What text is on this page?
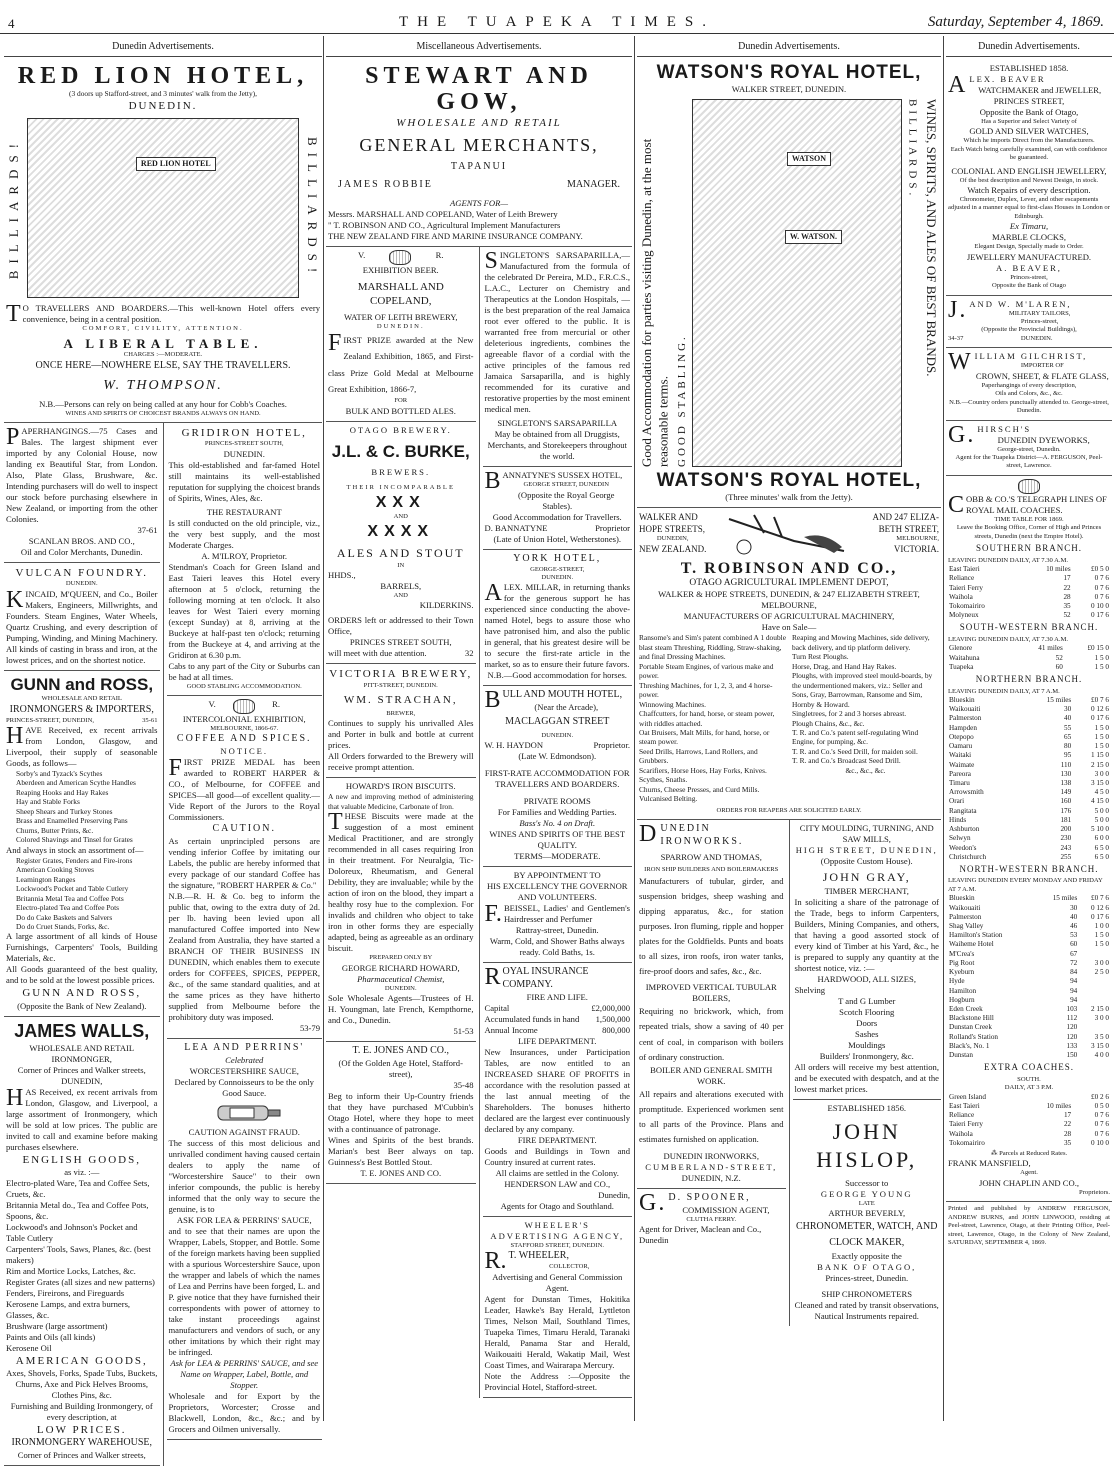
4	THE TUAPEKA TIMES.	Saturday, September 4, 1869.
Dunedin Advertisements.
RED LION HOTEL,
(3 doors up Stafford-street, and 3 minutes' walk from the Jetty),
DUNEDIN.
BILLIARDS!	RED LION HOTEL	BILLIARDS!
TO TRAVELLERS AND BOARDERS.—This well-known Hotel offers every convenience, being in a central position.
COMFORT, CIVILITY, ATTENTION.
A LIBERAL TABLE.
CHARGES :—MODERATE.
ONCE HERE—NOWHERE ELSE, SAY THE TRAVELLERS.
W. THOMPSON.
N.B.—Persons can rely on being called at any hour for Cobb's Coaches.
WINES AND SPIRITS OF CHOICEST BRANDS ALWAYS ON HAND.
PAPERHANGINGS.—75 Cases and Bales. The largest shipment ever imported by any Colonial House, now landing ex Beautiful Star, from London. Also, Plate Glass, Brushware, &c. Intending purchasers will do well to inspect our stock before purchasing elsewhere in New Zealand, or importing from the other Colonies.
37-61
SCANLAN BROS. AND CO.,
Oil and Color Merchants, Dunedin.
VULCAN FOUNDRY.
DUNEDIN.
KINCAID, M'QUEEN, and Co., Boiler Makers, Engineers, Millwrights, and Founders. Steam Engines, Water Wheels, Quartz Crushing, and every description of Pumping, Winding, and Mining Machinery. All kinds of casting in brass and iron, at the lowest prices, and on the shortest notice.
GUNN and ROSS,
WHOLESALE AND RETAIL
IRONMONGERS & IMPORTERS,
PRINCES-STREET, DUNEDIN,	35-61
HAVE Received, ex recent arrivals from London, Glasgow, and Liverpool, their supply of seasonable Goods, as follows—
Sorby's and Tyzack's Scythes
Aberdeen and American Scythe Handles
Reaping Hooks and Hay Rakes
Hay and Stable Forks
Sheep Shears and Turkey Stones
Brass and Enamelled Preserving Pans
Churns, Butter Prints, &c.
Colored Shavings and Tinsel for Grates
And always in stock an assortment of—
Register Grates, Fenders and Fire-irons
American Cooking Stoves
Leamington Ranges
Lockwood's Pocket and Table Cutlery
Britannia Metal Tea and Coffee Pots
Electro-plated Tea and Coffee Pots
Do do Cake Baskets and Salvers
Do do Cruet Stands, Forks, &c.
A large assortment of all kinds of House Furnishings, Carpenters' Tools, Building Materials, &c.
All Goods guaranteed of the best quality, and to be sold at the lowest possible prices.
GUNN AND ROSS,
(Opposite the Bank of New Zealand).
JAMES WALLS,
WHOLESALE AND RETAIL
IRONMONGER,
Corner of Princes and Walker streets,
DUNEDIN,
HAS Received, ex recent arrivals from London, Glasgow, and Liverpool, a large assortment of Ironmongery, which will be sold at low prices. The public are invited to call and examine before making purchases elsewhere.
ENGLISH GOODS,
as viz. :—
Electro-plated Ware, Tea and Coffee Sets, Cruets, &c.
Britannia Metal do., Tea and Coffee Pots, Spoons, &c.
Lockwood's and Johnson's Pocket and Table Cutlery
Carpenters' Tools, Saws, Planes, &c. (best makers)
Rim and Mortice Locks, Latches, &c.
Register Grates (all sizes and new patterns)
Fenders, Fireirons, and Fireguards
Kerosene Lamps, and extra burners, Glasses, &c.
Brushware (large assortment)
Paints and Oils (all kinds)
Kerosene Oil
AMERICAN GOODS,
Axes, Shovels, Forks, Spade Tubs, Buckets, Churns, Axe and Pick Helves Brooms, Clothes Pins, &c.
Furnishing and Building Ironmongery, of every description, at
LOW PRICES.
IRONMONGERY WAREHOUSE,
Corner of Princes and Walker streets,
GRIDIRON HOTEL,
PRINCES-STREET SOUTH,
DUNEDIN.
This old-established and far-famed Hotel still maintains its well-established reputation for supplying the choicest brands of Spirits, Wines, Ales, &c.
THE RESTAURANT
Is still conducted on the old principle, viz., the very best supply, and the most Moderate Charges.
A. M'ILROY, Proprietor.
Stendman's Coach for Green Island and East Taieri leaves this Hotel every afternoon at 5 o'clock, returning the following morning at ten o'clock. It also leaves for West Taieri every morning (except Sunday) at 8, arriving at the Buckeye at half-past ten o'clock; returning from the Buckeye at 4, and arriving at the Gridiron at 6.30 p.m.
Cabs to any part of the City or Suburbs can be had at all times.
GOOD STABLING ACCOMMODATION.
V.	R.
INTERCOLONIAL EXHIBITION,
MELBOURNE, 1866-67.
COFFEE AND SPICES.
NOTICE.
FIRST PRIZE MEDAL has been awarded to ROBERT HARPER & CO., of Melbourne, for COFFEE and SPICES—all good—of excellent quality.—Vide Report of the Jurors to the Royal Commissioners.
CAUTION.
As certain unprincipled persons are vending inferior Coffee by imitating our Labels, the public are hereby informed that every package of our standard Coffee has the signature, "ROBERT HARPER & Co."
N.B.—R. H. & Co. beg to inform the public that, owing to the extra duty of 2d. per lb. having been levied upon all manufactured Coffee imported into New Zealand from Australia, they have started a BRANCH OF THEIR BUSINESS IN DUNEDIN, which enables them to execute orders for COFFEES, SPICES, PEPPER, &c., of the same standard qualities, and at the same prices as they have hitherto supplied from Melbourne before the prohibitory duty was imposed.
53-79
LEA AND PERRINS'
Celebrated
WORCESTERSHIRE SAUCE,
Declared by Connoisseurs to be the only Good Sauce.
CAUTION AGAINST FRAUD.
The success of this most delicious and unrivalled condiment having caused certain dealers to apply the name of "Worcestershire Sauce" to their own inferior compounds, the public is hereby informed that the only way to secure the genuine, is to
ASK FOR LEA & PERRINS' SAUCE,
and to see that their names are upon the Wrapper, Labels, Stopper, and Bottle. Some of the foreign markets having been supplied with a spurious Worcestershire Sauce, upon the wrapper and labels of which the names of Lea and Perrins have been forged, L. and P. give notice that they have furnished their correspondents with power of attorney to take instant proceedings against manufacturers and vendors of such, or any other imitations by which their right may be infringed.
Ask for LEA & PERRINS' SAUCE, and see Name on Wrapper, Label, Bottle, and Stopper.
Wholesale and for Export by the Proprietors, Worcester; Crosse and Blackwell, London, &c., &c.; and by Grocers and Oilmen universally.
Miscellaneous Advertisements.
STEWART AND GOW,
WHOLESALE AND RETAIL
GENERAL MERCHANTS,
TAPANUI
JAMES ROBBIE	MANAGER.
AGENTS FOR—
Messrs. MARSHALL AND COPELAND, Water of Leith Brewery
" T. ROBINSON AND CO., Agricultural Implement Manufacturers
THE NEW ZEALAND FIRE AND MARINE INSURANCE COMPANY.
V.	R.
EXHIBITION BEER.
MARSHALL AND COPELAND,
WATER OF LEITH BREWERY,
DUNEDIN.
FIRST PRIZE awarded at the New Zealand Exhibition, 1865, and First-class Prize Gold Medal at Melbourne Great Exhibition, 1866-7,
FOR
BULK AND BOTTLED ALES.
OTAGO BREWERY.
J.L. & C. BURKE,
BREWERS.
THEIR INCOMPARABLE
XXX
AND
XXXX
ALES AND STOUT
IN
HHDS.,
BARRELS,
AND
KILDERKINS.
ORDERS left or addressed to their Town Office,
PRINCES STREET SOUTH,
will meet with due attention.	32
VICTORIA BREWERY,
PITT-STREET, DUNEDIN.
WM. STRACHAN,
BREWER,
Continues to supply his unrivalled Ales and Porter in bulk and bottle at current prices.
All Orders forwarded to the Brewery will receive prompt attention.
HOWARD'S IRON BISCUITS.
A new and improving method of administering that valuable Medicine, Carbonate of Iron.
THESE Biscuits were made at the suggestion of a most eminent Medical Practitioner, and are strongly recommended in all cases requiring Iron in their treatment. For Neuralgia, Tic-Doloreux, Rheumatism, and General Debility, they are invaluable; while by the action of iron on the blood, they impart a healthy rosy hue to the complexion. For invalids and children who object to take iron in other forms they are especially adapted, being as agreeable as an ordinary biscuit.
PREPARED ONLY BY
GEORGE RICHARD HOWARD,
Pharmaceutical Chemist,
DUNEDIN.
Sole Wholesale Agents—Trustees of H. H. Youngman, late French, Kempthorne, and Co., Dunedin.
51-53
T. E. JONES AND CO.,
(Of the Golden Age Hotel, Stafford-street),
35-48
Beg to inform their Up-Country friends that they have purchased M'Cubbin's Otago Hotel, where they hope to meet with a continuance of patronage.
Wines and Spirits of the best brands. Marian's best Beer always on tap. Guinness's Best Bottled Stout.
T. E. JONES AND CO.
SINGLETON'S SARSAPARILLA,—Manufactured from the formula of the celebrated Dr Pereira, M.D., F.R.C.S., L.A.C., Lecturer on Chemistry and Therapeutics at the London Hospitals, —is the best preparation of the real Jamaica root ever offered to the public. It is warranted free from mercurial or other deleterious ingredients, combines the agreeable flavor of a cordial with the active principles of the famous red Jamaica Sarsaparilla, and is highly recommended for its curative and restorative properties by the most eminent medical men.
SINGLETON'S SARSAPARILLA
May be obtained from all Druggists, Merchants, and Storekeepers throughout the world.
BANNATYNE'S SUSSEX HOTEL,
GEORGE STREET, DUNEDIN
(Opposite the Royal George Stables).
Good Accommodation for Travellers.
D. BANNATYNE	Proprietor
(Late of Union Hotel, Wetherstones).
YORK HOTEL,
GEORGE-STREET,
DUNEDIN.
ALEX. MILLAR, in returning thanks for the generous support he has experienced since conducting the above-named Hotel, begs to assure those who have patronised him, and also the public in general, that his greatest desire will be to secure the first-rate article in the market, so as to ensure their future favors.
N.B.—Good accommodation for horses.
BULL AND MOUTH HOTEL,
(Near the Arcade),
MACLAGGAN STREET
DUNEDIN.
W. H. HAYDON	Proprietor.
(Late W. Edmondson).
FIRST-RATE ACCOMMODATION FOR TRAVELLERS AND BOARDERS.
PRIVATE ROOMS
For Families and Wedding Parties.
Bass's No. 4 on Draft.
WINES AND SPIRITS OF THE BEST QUALITY.
TERMS—MODERATE.
BY APPOINTMENT TO
HIS EXCELLENCY THE GOVERNOR AND VOLUNTEERS.
F.BEISSEL, Ladies' and Gentlemen's Hairdresser and Perfumer
Rattray-street, Dunedin.
Warm, Cold, and Shower Baths always ready. Cold Baths, 1s.
ROYAL INSURANCE COMPANY.
FIRE AND LIFE.
Capital	£2,000,000
Accumulated funds in hand 1,500,000
Annual Income	800,000
LIFE DEPARTMENT.
New Insurances, under Participation Tables, are now entitled to an INCREASED SHARE OF PROFITS in accordance with the resolution passed at the last annual meeting of the Shareholders. The bonuses hitherto declared are the largest ever continuously declared by any company.
FIRE DEPARTMENT.
Goods and Buildings in Town and Country insured at current rates.
All claims are settled in the Colony.
HENDERSON LAW and CO.,
Dunedin,
Agents for Otago and Southland.
WHEELER'S ADVERTISING AGENCY,
STAFFORD STREET, DUNEDIN.
R.T. WHEELER,
COLLECTOR,
Advertising and General Commission Agent.
Agent for Dunstan Times, Hokitika Leader, Hawke's Bay Herald, Lyttleton Times, Nelson Mail, Southland Times, Tuapeka Times, Timaru Herald, Taranaki Herald, Panama Star and Herald, Waikouaiti Herald, Wakatip Mail, West Coast Times, and Wairarapa Mercury.
Note the Address :—Opposite the Provincial Hotel, Stafford-street.
Dunedin Advertisements.
WATSON'S ROYAL HOTEL,
WALKER STREET, DUNEDIN.
Good Accommodation for parties visiting Dunedin, at the most reasonable terms. GOOD STABLING.
WATSON
W. WATSON.
BILLIARDS. WINES, SPIRITS, AND ALES OF BEST BRANDS.
WATSON'S ROYAL HOTEL,
(Three minutes' walk from the Jetty).
WALKER AND
HOPE STREETS,
DUNEDIN,
NEW ZEALAND.
AND 247 ELIZA-
BETH STREET,
MELBOURNE,
VICTORIA.
T. ROBINSON AND CO.,
OTAGO AGRICULTURAL IMPLEMENT DEPOT,
WALKER & HOPE STREETS, DUNEDIN, & 247 ELIZABETH STREET, MELBOURNE,
MANUFACTURERS OF AGRICULTURAL MACHINERY,
Have on Sale—
Ransome's and Sim's patent combined A 1 double blast steam Threshing, Riddling, Straw-shaking, and final Dressing Machines.
Portable Steam Engines, of various make and power.
Threshing Machines, for 1, 2, 3, and 4 horse-power.
Winnowing Machines.
Chaffcutters, for hand, horse, or steam power, with riddles attached.
Oat Bruisers, Malt Mills, for hand, horse, or steam power.
Seed Drills, Harrows, Land Rollers, and Grubbers.
Scarifiers, Horse Hoes, Hay Forks, Knives. Scythes, Snaths.
Churns, Cheese Presses, and Curd Mills.
Vulcanised Belting.
Reaping and Mowing Machines, side delivery, back delivery, and tip platform delivery.
Turn Rest Ploughs.
Horse, Drag, and Hand Hay Rakes.
Ploughs, with improved steel mould-boards, by the undermentioned makers, viz.: Seller and Sons, Gray, Barrowman, Ransome and Sim, Hornby & Howard.
Singletrees, for 2 and 3 horses abreast.
Plough Chains, &c., &c.
T. R. and Co.'s patent self-regulating Wind Engine, for pumping, &c.
T. R. and Co.'s Seed Drill, for maiden soil.
T. R. and Co.'s Broadcast Seed Drill.
&c., &c., &c.
ORDERS FOR REAPERS ARE SOLICITED EARLY.
DUNEDIN IRONWORKS.
SPARROW AND THOMAS,
IRON SHIP BUILDERS AND BOILERMAKERS
Manufacturers of tubular, girder, and suspension bridges, sheep washing and dipping apparatus, &c., for station purposes. Iron fluming, ripple and hopper plates for the Goldfields. Punts and boats to all sizes, iron roofs, iron water tanks, fire-proof doors and safes, &c., &c.
IMPROVED VERTICAL TUBULAR BOILERS,
Requiring no brickwork, which, from repeated trials, show a saving of 40 per cent of coal, in comparison with boilers of ordinary construction.
BOILER AND GENERAL SMITH WORK.
All repairs and alterations executed with promptitude. Experienced workmen sent to all parts of the Province. Plans and estimates furnished on application.
DUNEDIN IRONWORKS,
CUMBERLAND-STREET,
DUNEDIN, N.Z.
G.D. SPOONER,
COMMISSION AGENT,
CLUTHA FERRY.
Agent for Driver, Maclean and Co., Dunedin
CITY MOULDING, TURNING, AND SAW MILLS,
HIGH STREET, DUNEDIN,
(Opposite Custom House).
JOHN GRAY,
TIMBER MERCHANT,
In soliciting a share of the patronage of the Trade, begs to inform Carpenters, Builders, Mining Companies, and others, that having a good assorted stock of every kind of Timber at his Yard, &c., he is prepared to supply any quantity at the shortest notice, viz. :—
HARDWOOD, ALL SIZES,
Shelving
T and G Lumber
Scotch Flooring
Doors
Sashes
Mouldings
Builders' Ironmongery, &c.
All orders will receive my best attention, and be executed with despatch, and at the lowest market prices.
ESTABLISHED 1856.
JOHN HISLOP,
Successor to
GEORGE YOUNG
LATE
ARTHUR BEVERLY,
CHRONOMETER, WATCH, AND CLOCK MAKER,
Exactly opposite the
BANK OF OTAGO,
Princes-street, Dunedin.
SHIP CHRONOMETERS
Cleaned and rated by transit observations,
Nautical Instruments repaired.
Dunedin Advertisements.
ESTABLISHED 1858.
ALEX. BEAVER
WATCHMAKER and JEWELLER,
PRINCES STREET,
Opposite the Bank of Otago,
Has a Superior and Select Variety of
GOLD AND SILVER WATCHES,
Which he imports Direct from the Manufacturers.
Each Watch being carefully examined, can with confidence be guaranteed.
COLONIAL AND ENGLISH JEWELLERY,
Of the best description and Newest Design, in stock.
Watch Repairs of every description.
Chronometer, Duplex, Lever, and other escapements adjusted in a manner equal to first-class Houses in London or Edinburgh.
Ex Timaru,
MARBLE CLOCKS,
Elegant Design, Specially made to Order.
JEWELLERY MANUFACTURED.
A. BEAVER,
Princes-street,
Opposite the Bank of Otago
J.AND W. M'LAREN,
MILITARY TAILORS,
Princes-street,
(Opposite the Provincial Buildings),
34-37	DUNEDIN.
WILLIAM GILCHRIST,
IMPORTER OF
CROWN, SHEET, & FLATE GLASS,
Paperhangings of every description,
Oils and Colors, &c., &c.
N.B.—Country orders punctually attended to. George-street, Dunedin.
G.HIRSCH'S
DUNEDIN DYEWORKS,
George-street, Dunedin.
Agent for the Tuapeka District—A. FERGUSON, Peel-street, Lawrence.
COBB & CO.'S TELEGRAPH LINES OF ROYAL MAIL COACHES.
TIME TABLE FOR 1869.
Leave the Booking Office, Corner of High and Princes streets, Dunedin (next the Empire Hotel).
SOUTHERN BRANCH.
LEAVING DUNEDIN DAILY, AT 7.30 A.M.
East Taieri	10 miles	£0 5 0
Reliance	17	0 7 6
Taieri Ferry	22	0 7 6
Waihola	28	0 7 6
Tokomairiro	35	0 10 0
Molyneux	52	0 17 6
SOUTH-WESTERN BRANCH.
LEAVING DUNEDIN DAILY, AT 7.30 A.M.
Glenore	41 miles	£0 15 0
Waitahuna	52	1 5 0
Tuapeka	60	1 5 0
NORTHERN BRANCH.
LEAVING DUNEDIN DAILY, AT 7 A.M.
Blueskin	15 miles	£0 7 6
Waikouaiti	30	0 12 6
Palmerston	40	0 17 6
Hampden	55	1 5 0
Otepopo	65	1 5 0
Oamaru	80	1 5 0
Waitaki	95	1 15 0
Waimate	110	2 15 0
Pareora	130	3 0 0
Timaru	138	3 15 0
Arrowsmith	149	4 5 0
Orari	160	4 15 0
Rangitata	176	5 0 0
Hinds	181	5 0 0
Ashburton	200	5 10 0
Selwyn	230	6 0 0
Weedon's	243	6 5 0
Christchurch	255	6 5 0
NORTH-WESTERN BRANCH.
LEAVING DUNEDIN EVERY MONDAY AND FRIDAY AT 7 A.M.
Blueskin	15 miles	£0 7 6
Waikouaiti	30	0 12 6
Palmerston	40	0 17 6
Shag Valley	46	1 0 0
Hamilton's Station	53	1 5 0
Waiheme Hotel	60	1 5 0
M'Crea's	67	
Pig Root	72	3 0 0
Kyeburn	84	2 5 0
Hyde	94	
Hamilton	94	
Hogburn	94	
Eden Creek	103	2 15 0
Blackstone Hill	112	3 0 0
Dunstan Creek	120	
Rolland's Station	120	3 5 0
Black's, No. 1	133	3 15 0
Dunstan	150	4 0 0
EXTRA COACHES.
SOUTH.
DAILY, AT 3 P.M.
Green Island		£0 2 6
East Taieri	10 miles	0 5 0
Reliance	17	0 7 6
Taieri Ferry	22	0 7 6
Waihola	28	0 7 6
Tokomairiro	35	0 10 0
⁂ Parcels at Reduced Rates.
FRANK MANSFIELD,
Agent.
JOHN CHAPLIN AND CO.,
Proprietors.
Printed and published by ANDREW FERGUSON, ANDREW BURNS, and JOHN LINWOOD, residing at Peel-street, Lawrence, Otago, at their Printing Office, Peel-street, Lawrence, Otago, in the Colony of New Zealand, SATURDAY, SEPTEMBER 4, 1869.
